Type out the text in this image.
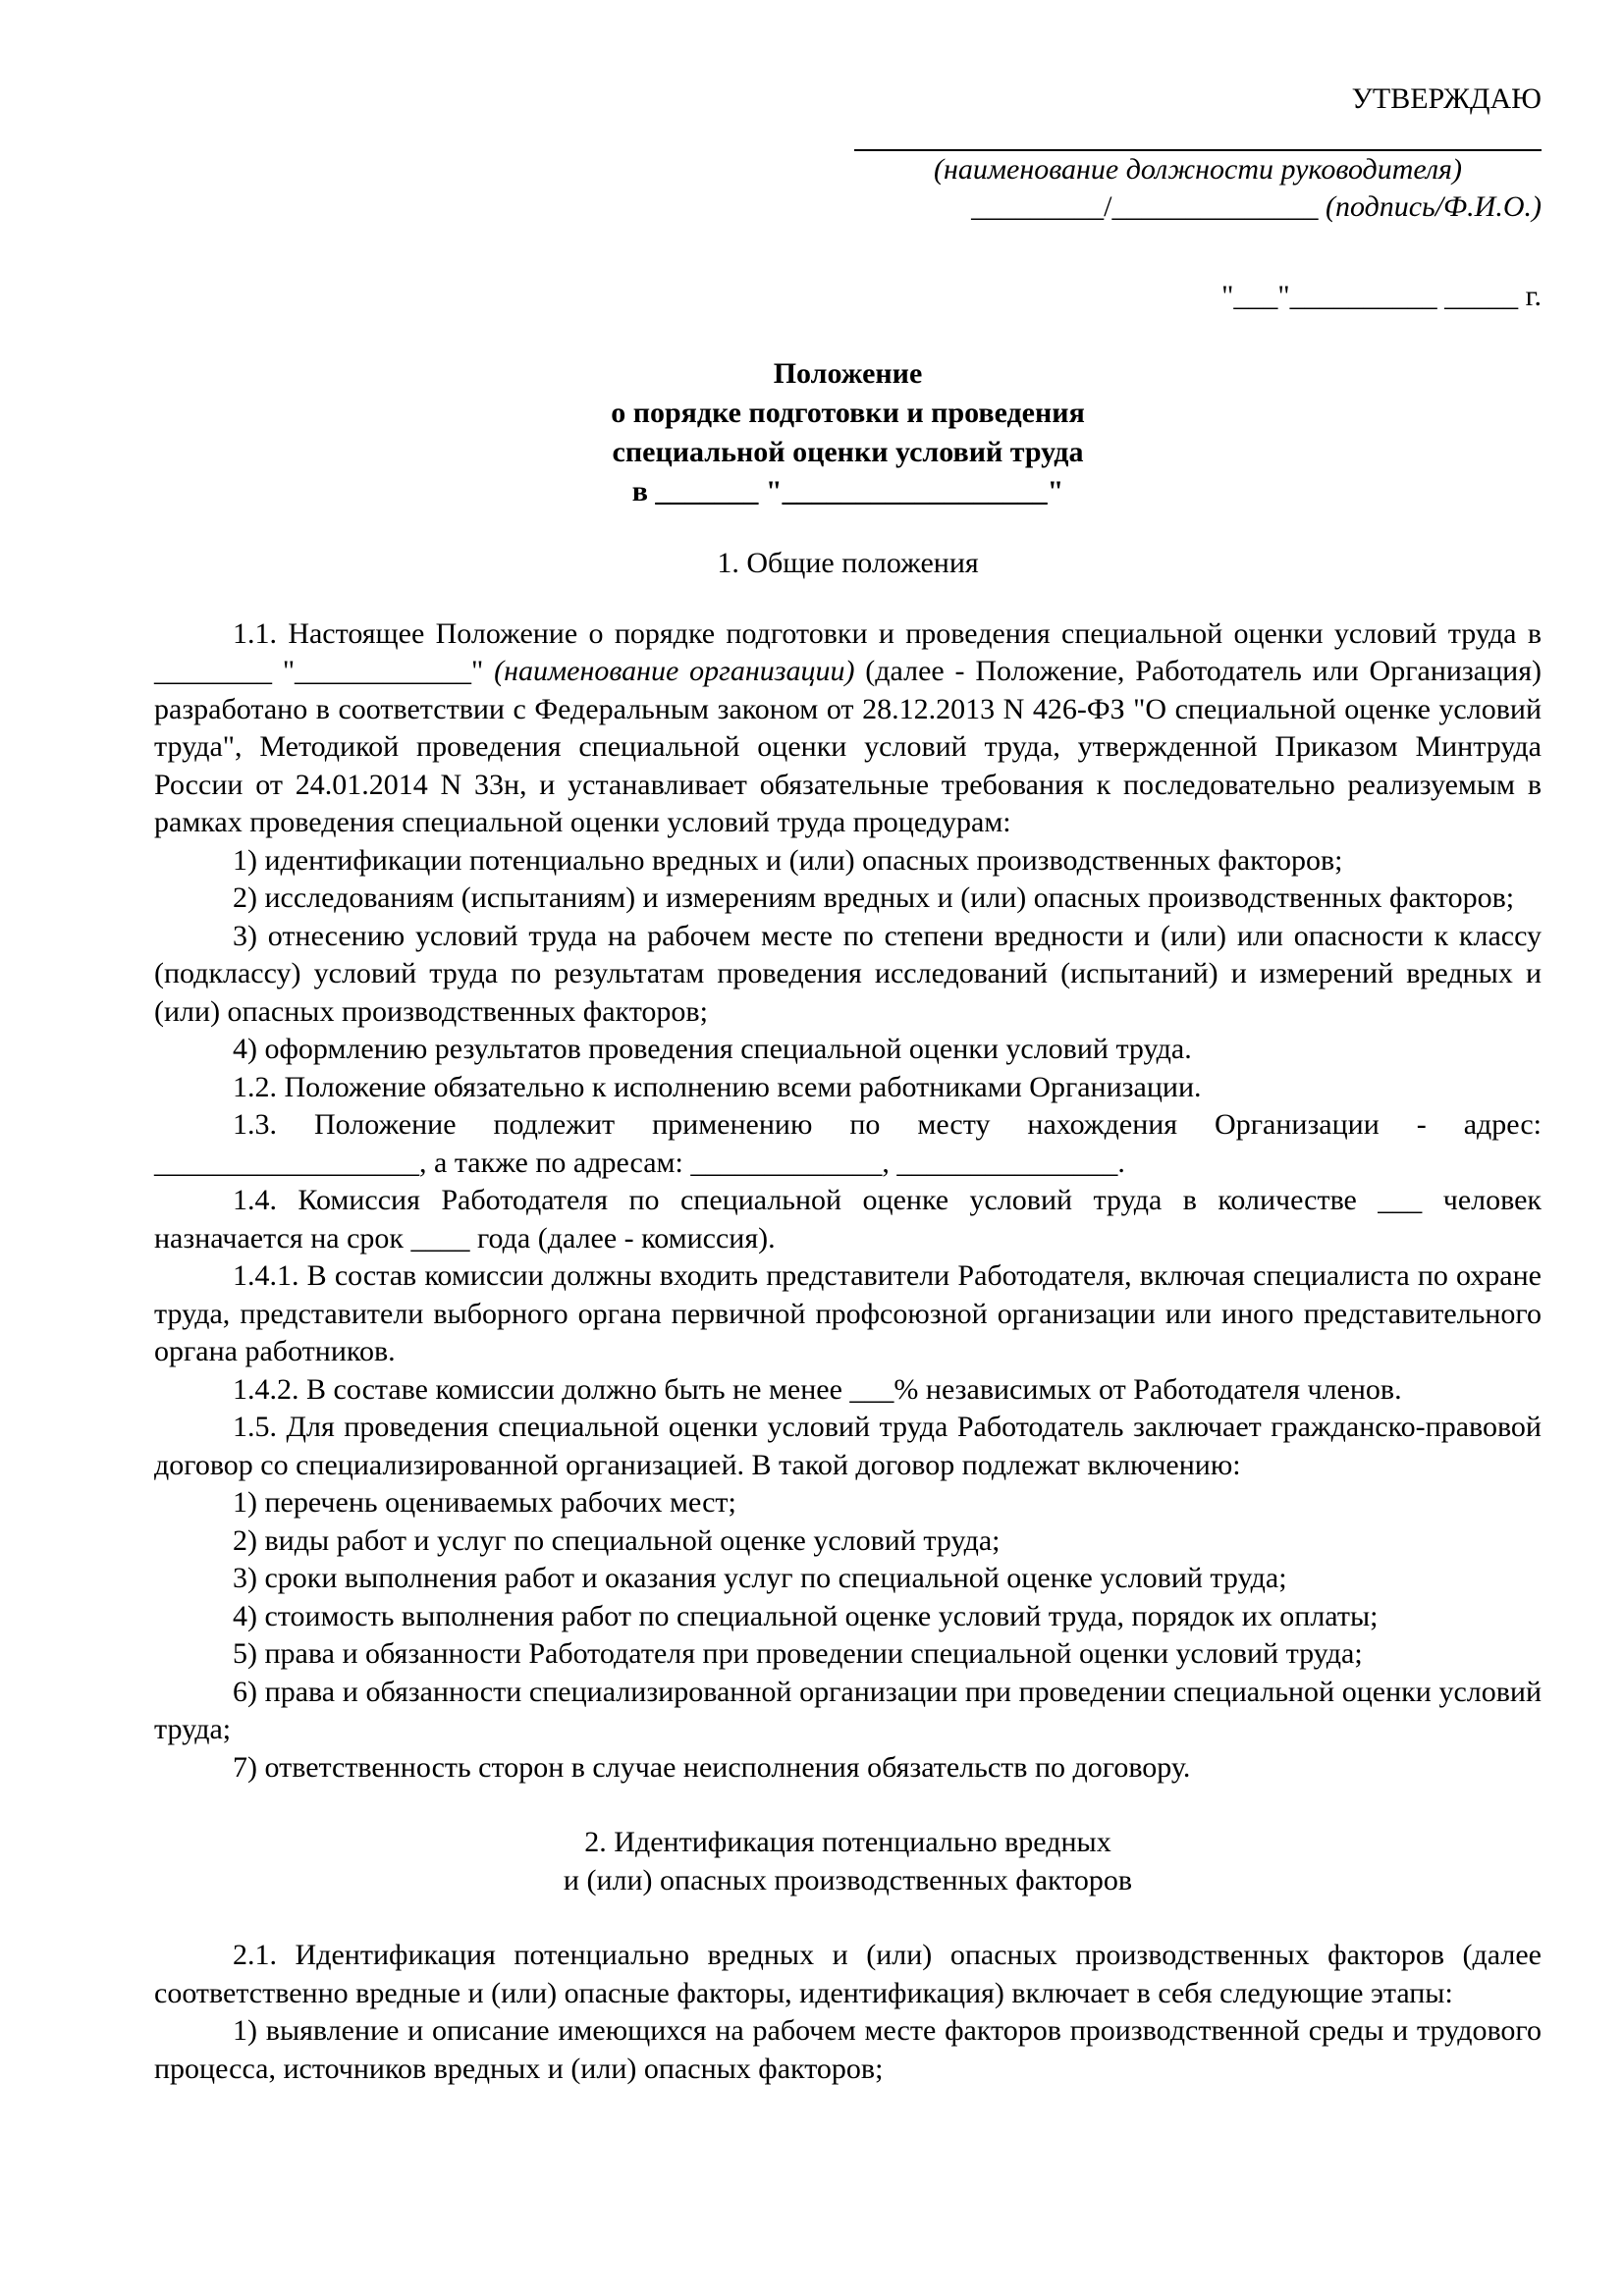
УТВЕРЖДАЮ
(наименование должности руководителя)
_________/______________ (подпись/Ф.И.О.)
"___"__________ _____ г.
Положение
о порядке подготовки и проведения
специальной оценки условий труда
в _______ "__________________"
1. Общие положения

1.1. Настоящее Положение о порядке подготовки и проведения специальной оценки условий труда в ________ "____________" (наименование организации) (далее - Положение, Работодатель или Организация) разработано в соответствии с Федеральным законом от 28.12.2013 N 426-ФЗ "О специальной оценке условий труда", Методикой проведения специальной оценки условий труда, утвержденной Приказом Минтруда России от 24.01.2014 N 33н, и устанавливает обязательные требования к последовательно реализуемым в рамках проведения специальной оценки условий труда процедурам:

1) идентификации потенциально вредных и (или) опасных производственных факторов;

2) исследованиям (испытаниям) и измерениям вредных и (или) опасных производственных факторов;

3) отнесению условий труда на рабочем месте по степени вредности и (или) или опасности к классу (подклассу) условий труда по результатам проведения исследований (испытаний) и измерений вредных и (или) опасных производственных факторов;

4) оформлению результатов проведения специальной оценки условий труда.

1.2. Положение обязательно к исполнению всеми работниками Организации.

1.3. Положение подлежит применению по месту нахождения Организации - адрес: __________________, а также по адресам: _____________, _______________.

1.4. Комиссия Работодателя по специальной оценке условий труда в количестве ___ человек назначается на срок ____ года (далее - комиссия).

1.4.1. В состав комиссии должны входить представители Работодателя, включая специалиста по охране труда, представители выборного органа первичной профсоюзной организации или иного представительного органа работников.

1.4.2. В составе комиссии должно быть не менее ___% независимых от Работодателя членов.

1.5. Для проведения специальной оценки условий труда Работодатель заключает гражданско-правовой договор со специализированной организацией. В такой договор подлежат включению:

1) перечень оцениваемых рабочих мест;

2) виды работ и услуг по специальной оценке условий труда;

3) сроки выполнения работ и оказания услуг по специальной оценке условий труда;

4) стоимость выполнения работ по специальной оценке условий труда, порядок их оплаты;

5) права и обязанности Работодателя при проведении специальной оценки условий труда;

6) права и обязанности специализированной организации при проведении специальной оценки условий труда;

7) ответственность сторон в случае неисполнения обязательств по договору.

2. Идентификация потенциально вредных
и (или) опасных производственных факторов

2.1. Идентификация потенциально вредных и (или) опасных производственных факторов (далее соответственно вредные и (или) опасные факторы, идентификация) включает в себя следующие этапы:

1) выявление и описание имеющихся на рабочем месте факторов производственной среды и трудового процесса, источников вредных и (или) опасных факторов;
